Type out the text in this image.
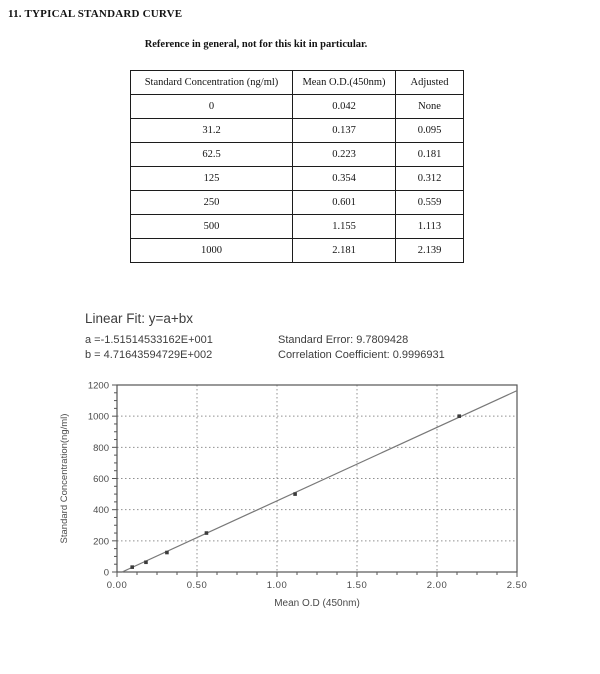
11. TYPICAL STANDARD CURVE
Reference in general, not for this kit in particular.
Standard Concentration (ng/ml)	Mean O.D.(450nm)	Adjusted
0	0.042	None
31.2	0.137	0.095
62.5	0.223	0.181
125	0.354	0.312
250	0.601	0.559
500	1.155	1.113
1000	2.181	2.139
Linear Fit: y=a+bx
a =-1.51514533162E+001	Standard Error: 9.7809428
b = 4.71643594729E+002	Correlation Coefficient: 0.9996931
0.00	0.50	1.00	1.50	2.00	2.50
0
200
400
600
800
1000
1200
Mean O.D (450nm)
Standard Concentration(ng/ml)
